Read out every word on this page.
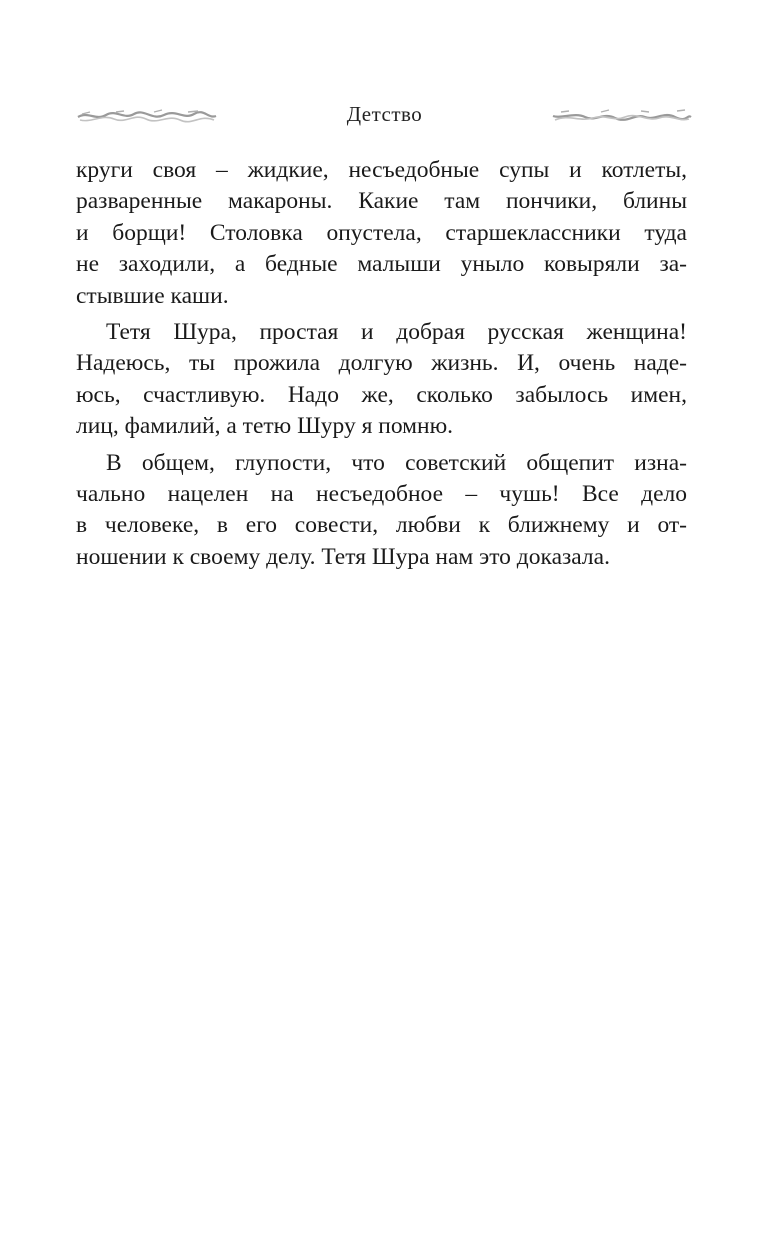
Детство
круги своя – жидкие, несъедобные супы и котлеты,
разваренные макароны. Какие там пончики, блины
и борщи! Столовка опустела, старшеклассники туда
не заходили, а бедные малыши уныло ковыряли за-
стывшие каши.
Тетя Шура, простая и добрая русская женщина!
Надеюсь, ты прожила долгую жизнь. И, очень наде-
юсь, счастливую. Надо же, сколько забылось имен,
лиц, фамилий, а тетю Шуру я помню.
В общем, глупости, что советский общепит изна-
чально нацелен на несъедобное – чушь! Все дело
в человеке, в его совести, любви к ближнему и от-
ношении к своему делу. Тетя Шура нам это доказала.
